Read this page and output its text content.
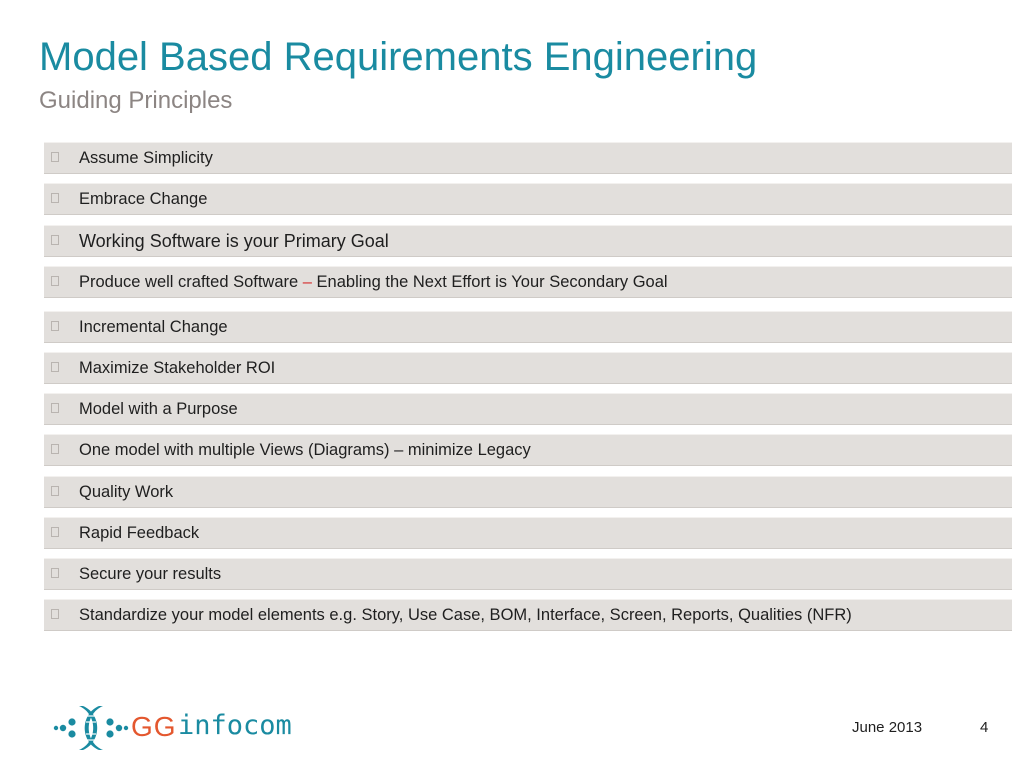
Model Based Requirements Engineering
Guiding Principles
Assume Simplicity
Embrace Change
Working Software is your Primary Goal
Produce well crafted Software – Enabling the Next Effort is Your Secondary Goal
Incremental Change
Maximize Stakeholder ROI
Model with a Purpose
One model with multiple Views (Diagrams) – minimize Legacy
Quality Work
Rapid Feedback
Secure your results
Standardize your model elements e.g. Story, Use Case, BOM, Interface, Screen, Reports, Qualities (NFR)
GG infocom	June 2013	4
